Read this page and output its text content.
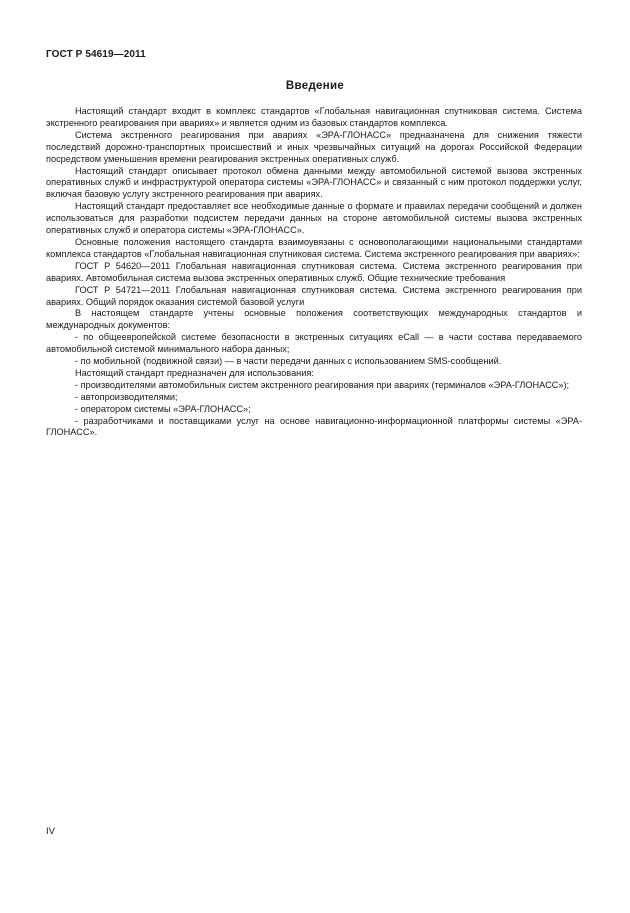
ГОСТ Р 54619—2011
Введение

Настоящий стандарт входит в комплекс стандартов «Глобальная навигационная спутниковая система. Система экстренного реагирования при авариях» и является одним из базовых стандартов комплекса.

Система экстренного реагирования при авариях «ЭРА-ГЛОНАСС» предназначена для снижения тяжести последствий дорожно-транспортных происшествий и иных чрезвычайных ситуаций на дорогах Российской Федерации посредством уменьшения времени реагирования экстренных оперативных служб.

Настоящий стандарт описывает протокол обмена данными между автомобильной системой вызова экстренных оперативных служб и инфраструктурой оператора системы «ЭРА-ГЛОНАСС» и связанный с ним протокол поддержки услуг, включая базовую услугу экстренного реагирования при авариях.

Настоящий стандарт предоставляет все необходимые данные о формате и правилах передачи сообщений и должен использоваться для разработки подсистем передачи данных на стороне автомобильной системы вызова экстренных оперативных служб и оператора системы «ЭРА-ГЛОНАСС».

Основные положения настоящего стандарта взаимоувязаны с основополагающими национальными стандартами комплекса стандартов «Глобальная навигационная спутниковая система. Система экстренного реагирования при авариях»:

ГОСТ Р 54620—2011 Глобальная навигационная спутниковая система. Система экстренного реагирования при авариях. Автомобильная система вызова экстренных оперативных служб. Общие технические требования

ГОСТ Р 54721—2011 Глобальная навигационная спутниковая система. Система экстренного реагирования при авариях. Общий порядок оказания системой базовой услуги

В настоящем стандарте учтены основные положения соответствующих международных стандартов и международных документов:

- по общеевропейской системе безопасности в экстренных ситуациях eCall — в части состава передаваемого автомобильной системой минимального набора данных;

- по мобильной (подвижной связи) — в части передачи данных с использованием SMS-сообщений.

Настоящий стандарт предназначен для использования:

- производителями автомобильных систем экстренного реагирования при авариях (терминалов «ЭРА-ГЛОНАСС»);

- автопроизводителями;

- оператором системы «ЭРА-ГЛОНАСС»;

- разработчиками и поставщиками услуг на основе навигационно-информационной платформы системы «ЭРА-ГЛОНАСС».

IV
